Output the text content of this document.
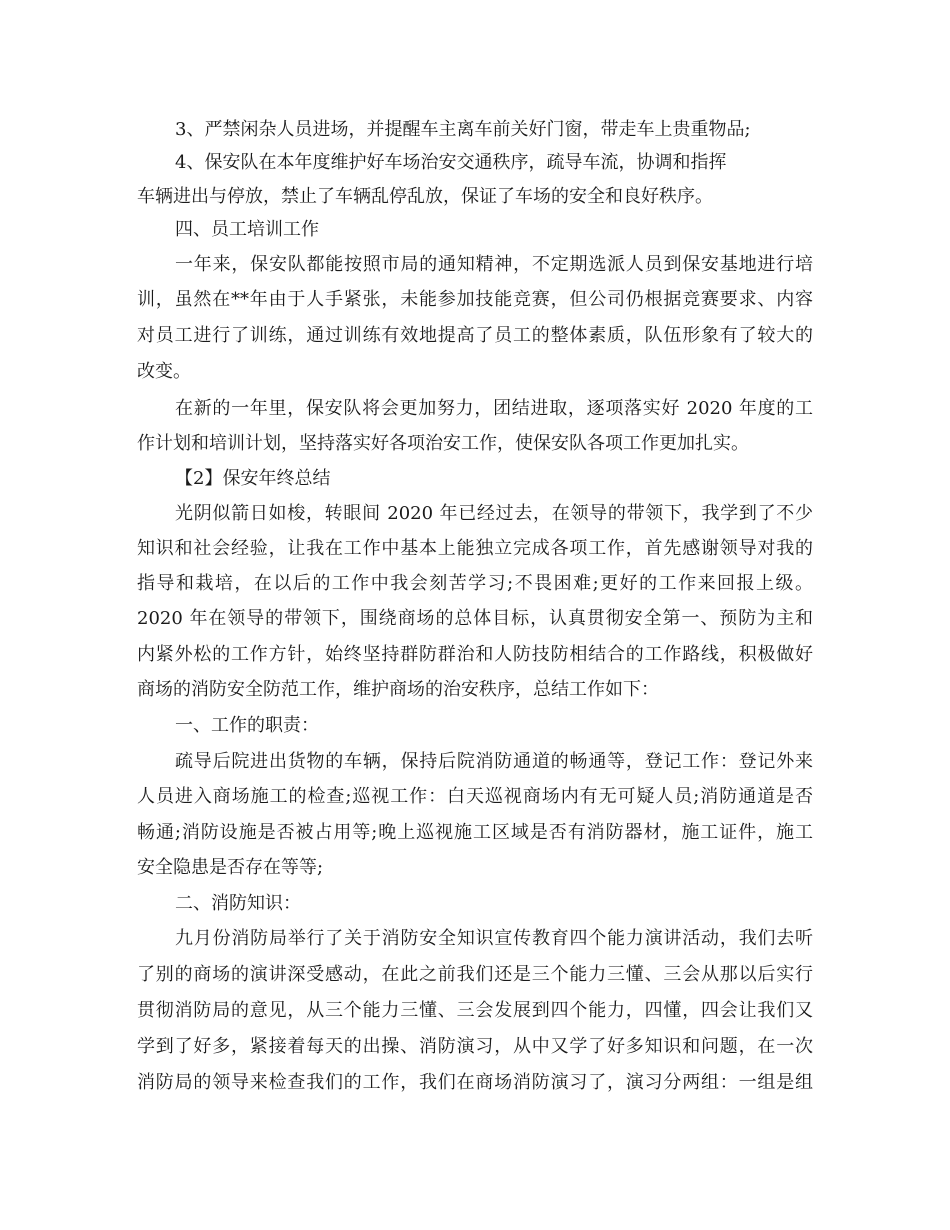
3、严禁闲杂人员进场，并提醒车主离车前关好门窗，带走车上贵重物品;
4、保安队在本年度维护好车场治安交通秩序，疏导车流，协调和指挥
车辆进出与停放，禁止了车辆乱停乱放，保证了车场的安全和良好秩序。
四、员工培训工作
一年来，保安队都能按照市局的通知精神，不定期选派人员到保安基地进行培
训，虽然在**年由于人手紧张，未能参加技能竞赛，但公司仍根据竞赛要求、内容
对员工进行了训练，通过训练有效地提高了员工的整体素质，队伍形象有了较大的
改变。
在新的一年里，保安队将会更加努力，团结进取，逐项落实好 2020 年度的工
作计划和培训计划，坚持落实好各项治安工作，使保安队各项工作更加扎实。
【2】保安年终总结
光阴似箭日如梭，转眼间 2020 年已经过去，在领导的带领下，我学到了不少
知识和社会经验，让我在工作中基本上能独立完成各项工作，首先感谢领导对我的
指导和栽培，在以后的工作中我会刻苦学习;不畏困难;更好的工作来回报上级。
2020 年在领导的带领下，围绕商场的总体目标，认真贯彻安全第一、预防为主和
内紧外松的工作方针，始终坚持群防群治和人防技防相结合的工作路线，积极做好
商场的消防安全防范工作，维护商场的治安秩序，总结工作如下：
一、工作的职责：
疏导后院进出货物的车辆，保持后院消防通道的畅通等，登记工作：登记外来
人员进入商场施工的检查;巡视工作：白天巡视商场内有无可疑人员;消防通道是否
畅通;消防设施是否被占用等;晚上巡视施工区域是否有消防器材，施工证件，施工
安全隐患是否存在等等;
二、消防知识：
九月份消防局举行了关于消防安全知识宣传教育四个能力演讲活动，我们去听
了别的商场的演讲深受感动，在此之前我们还是三个能力三懂、三会从那以后实行
贯彻消防局的意见，从三个能力三懂、三会发展到四个能力，四懂，四会让我们又
学到了好多，紧接着每天的出操、消防演习，从中又学了好多知识和问题，在一次
消防局的领导来检查我们的工作，我们在商场消防演习了，演习分两组：一组是组
